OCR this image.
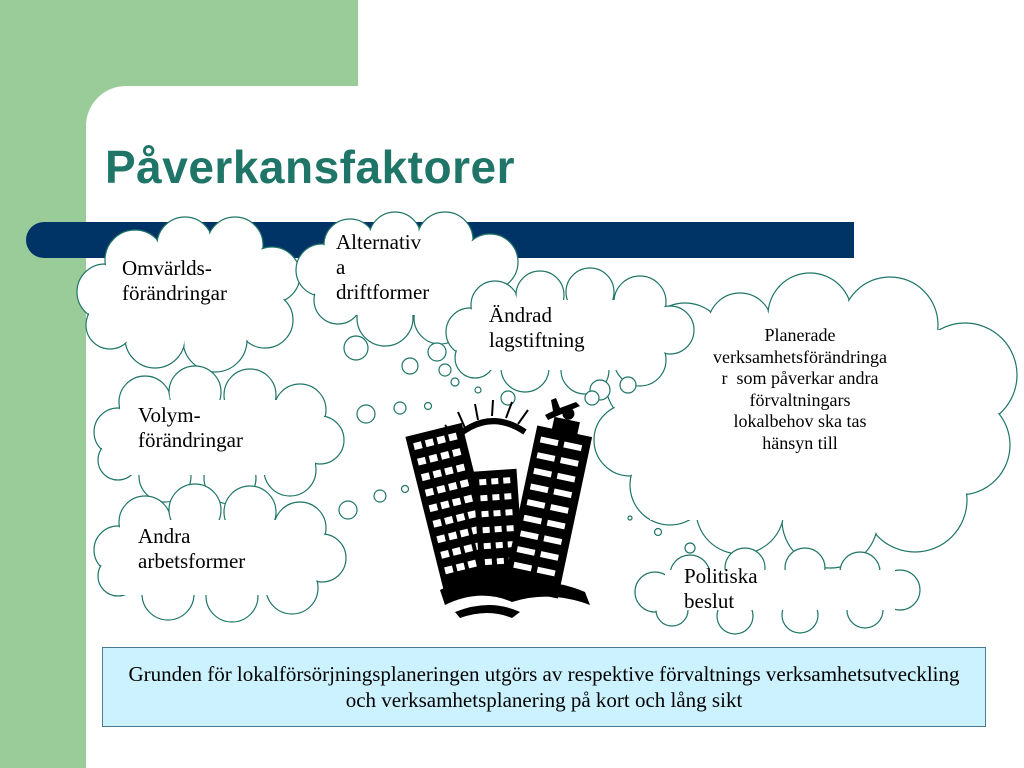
Påverkansfaktorer
Omvärlds-
förändringar
Alternativ
a
driftformer
Ändrad
lagstiftning	Planerade
verksamhetsförändringa
r  som påverkar andra
förvaltningars
lokalbehov ska tas
hänsyn till
Volym-
förändringar
Andra
arbetsformer
Politiska
beslut
Grunden för lokalförsörjningsplaneringen utgörs av respektive förvaltnings verksamhetsutveckling och verksamhetsplanering på kort och lång sikt
